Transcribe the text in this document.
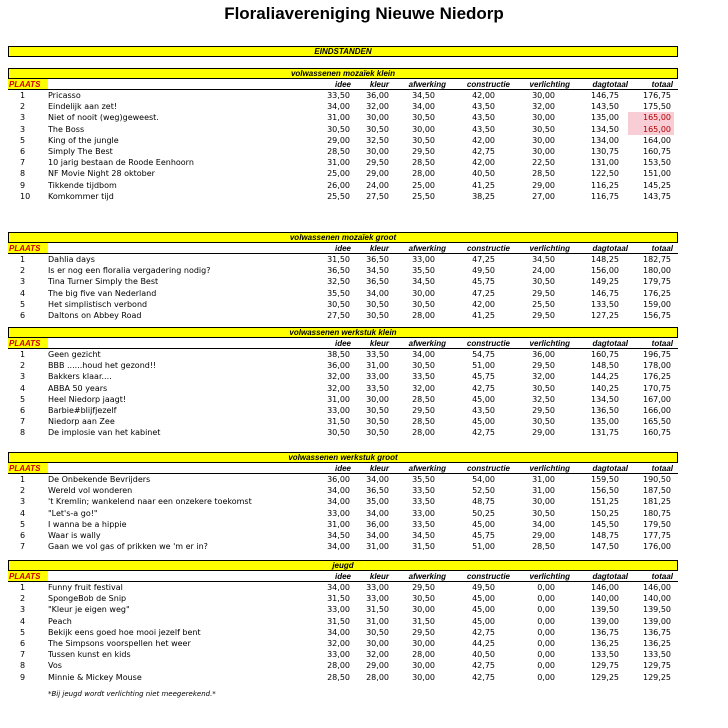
Floraliavereniging Nieuwe Niedorp
EINDSTANDEN
volwassenen mozaïek klein
PLAATS	idee	kleur	afwerking	constructie	verlichting	dagtotaal	totaal
1	Pricasso	33,50	36,00	34,50	42,00	30,00	146,75	176,75
2	Eindelijk aan zet!	34,00	32,00	34,00	43,50	32,00	143,50	175,50
3	Niet of nooit (weg)geweest.	31,00	30,00	30,50	43,50	30,00	135,00	165,00
3	The Boss	30,50	30,50	30,00	43,50	30,50	134,50	165,00
5	King of the jungle	29,00	32,50	30,50	42,00	30,00	134,00	164,00
6	Simply The Best	28,50	30,00	29,50	42,75	30,00	130,75	160,75
7	10 jarig bestaan de Roode Eenhoorn	31,00	29,50	28,50	42,00	22,50	131,00	153,50
8	NF Movie Night 28 oktober	25,00	29,00	28,00	40,50	28,50	122,50	151,00
9	Tikkende tijdbom	26,00	24,00	25,00	41,25	29,00	116,25	145,25
10	Komkommer tijd	25,50	27,50	25,50	38,25	27,00	116,75	143,75
volwassenen mozaïek groot
PLAATS	idee	kleur	afwerking	constructie	verlichting	dagtotaal	totaal
1	Dahlia days	31,50	36,50	33,00	47,25	34,50	148,25	182,75
2	Is er nog een floralia vergadering nodig?	36,50	34,50	35,50	49,50	24,00	156,00	180,00
3	Tina Turner Simply the Best	32,50	36,50	34,50	45,75	30,50	149,25	179,75
4	The big five van Nederland	35,50	34,00	30,00	47,25	29,50	146,75	176,25
5	Het simplistisch verbond	30,50	30,50	30,50	42,00	25,50	133,50	159,00
6	Daltons on Abbey Road	27,50	30,50	28,00	41,25	29,50	127,25	156,75
volwassenen werkstuk klein
PLAATS	idee	kleur	afwerking	constructie	verlichting	dagtotaal	totaal
1	Geen gezicht	38,50	33,50	34,00	54,75	36,00	160,75	196,75
2	BBB ......houd het gezond!!	36,00	31,00	30,50	51,00	29,50	148,50	178,00
3	Bakkers klaar....	32,00	33,00	33,50	45,75	32,00	144,25	176,25
4	ABBA 50 years	32,00	33,50	32,00	42,75	30,50	140,25	170,75
5	Heel Niedorp jaagt!	31,00	30,00	28,50	45,00	32,50	134,50	167,00
6	Barbie#blijfjezelf	33,00	30,50	29,50	43,50	29,50	136,50	166,00
7	Niedorp aan Zee	31,50	30,50	28,50	45,00	30,50	135,00	165,50
8	De implosie van het kabinet	30,50	30,50	28,00	42,75	29,00	131,75	160,75
volwassenen werkstuk groot
PLAATS	idee	kleur	afwerking	constructie	verlichting	dagtotaal	totaal
1	De Onbekende Bevrijders	36,00	34,00	35,50	54,00	31,00	159,50	190,50
2	Wereld vol wonderen	34,00	36,50	33,50	52,50	31,00	156,50	187,50
3	't Kremlin; wankelend naar een onzekere toekomst	34,00	35,00	33,50	48,75	30,00	151,25	181,25
4	"Let's-a go!"	33,00	34,00	33,00	50,25	30,50	150,25	180,75
5	I wanna be a hippie	31,00	36,00	33,50	45,00	34,00	145,50	179,50
6	Waar is wally	34,50	34,00	34,50	45,75	29,00	148,75	177,75
7	Gaan we vol gas of prikken we 'm er in?	34,00	31,00	31,50	51,00	28,50	147,50	176,00
jeugd
PLAATS	idee	kleur	afwerking	constructie	verlichting	dagtotaal	totaal
1	Funny fruit festival	34,00	33,00	29,50	49,50	0,00	146,00	146,00
2	SpongeBob de Snip	31,50	33,00	30,50	45,00	0,00	140,00	140,00
3	"Kleur je eigen weg"	33,00	31,50	30,00	45,00	0,00	139,50	139,50
4	Peach	31,50	31,00	31,50	45,00	0,00	139,00	139,00
5	Bekijk eens goed hoe mooi jezelf bent	34,00	30,50	29,50	42,75	0,00	136,75	136,75
6	The Simpsons voorspellen het weer	32,00	30,00	30,00	44,25	0,00	136,25	136,25
7	Tussen kunst en kids	33,00	32,00	28,00	40,50	0,00	133,50	133,50
8	Vos	28,00	29,00	30,00	42,75	0,00	129,75	129,75
9	Minnie & Mickey Mouse	28,50	28,00	30,00	42,75	0,00	129,25	129,25
*Bij jeugd wordt verlichting niet meegerekend.*
